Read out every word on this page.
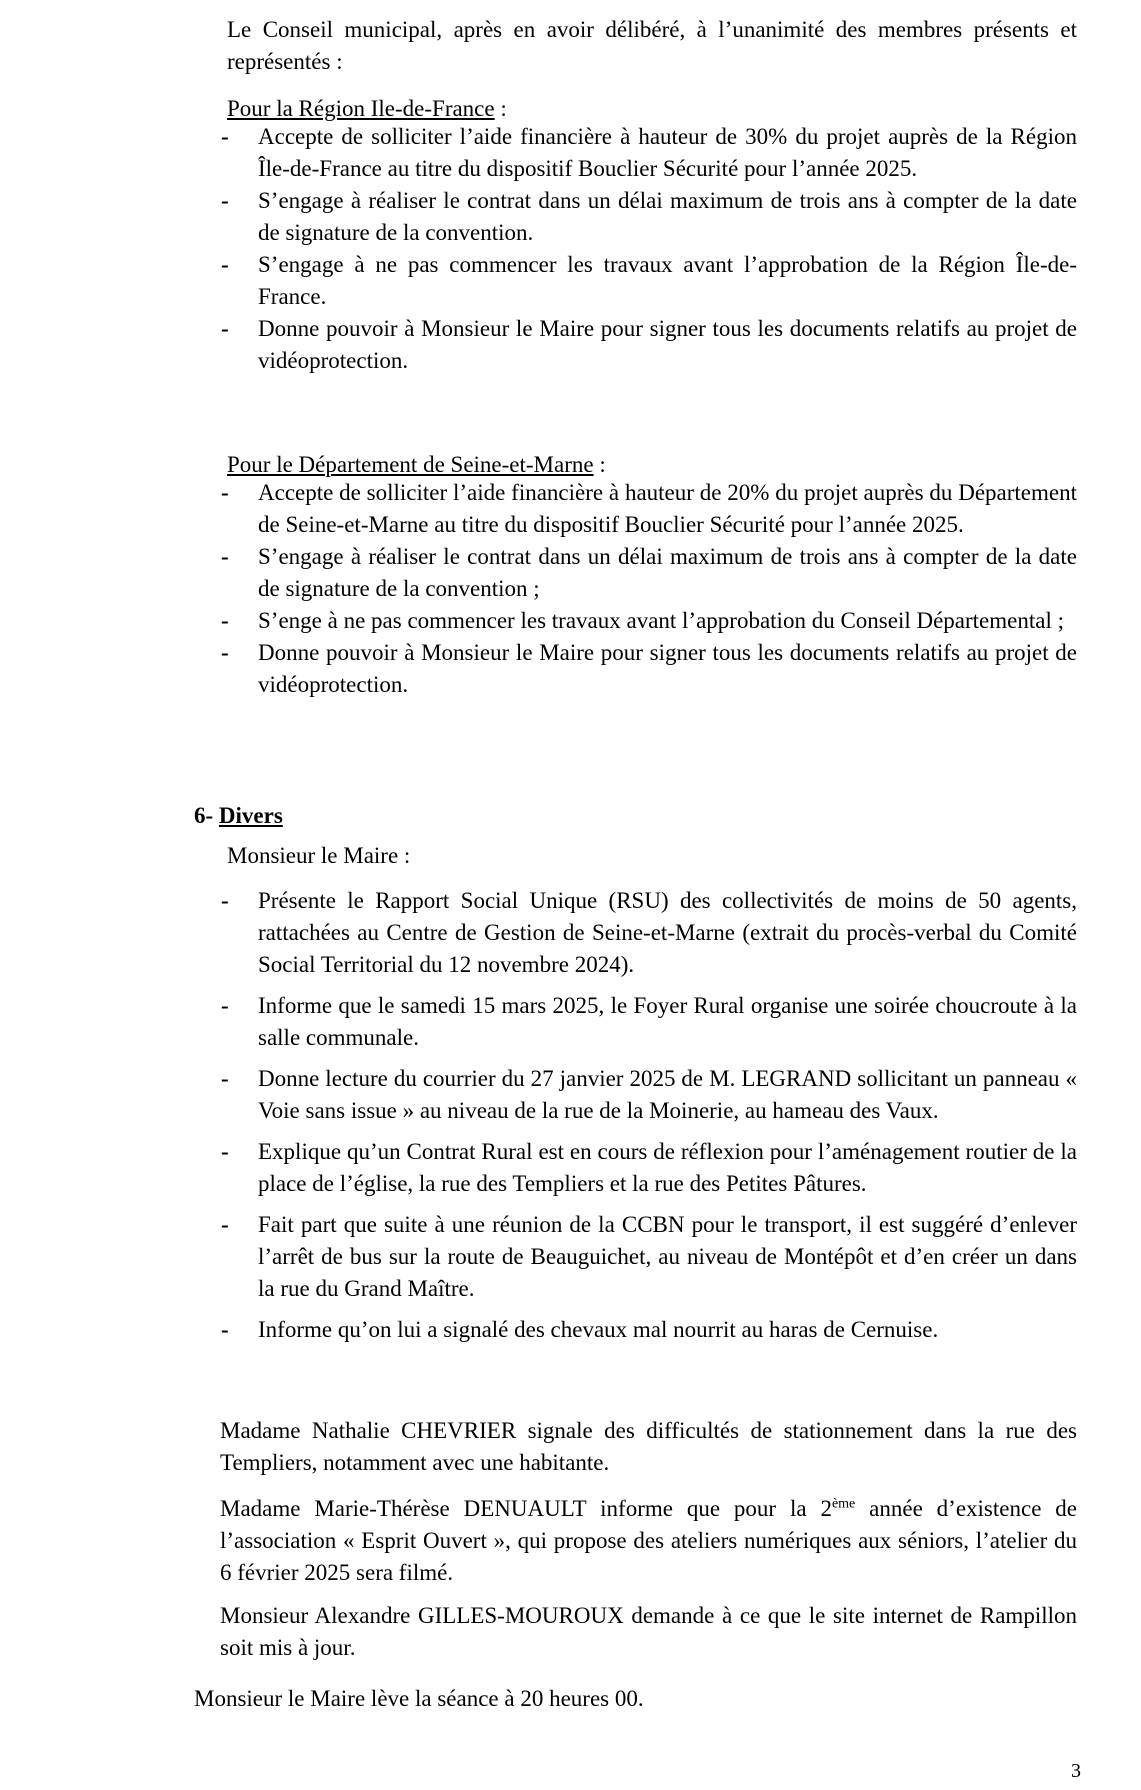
Le Conseil municipal, après en avoir délibéré, à l’unanimité des membres présents et représentés :

Pour la Région Ile-de-France :
- Accepte de solliciter l’aide financière à hauteur de 30% du projet auprès de la Région Île-de-France au titre du dispositif Bouclier Sécurité pour l’année 2025.
- S’engage à réaliser le contrat dans un délai maximum de trois ans à compter de la date de signature de la convention.
- S’engage à ne pas commencer les travaux avant l’approbation de la Région Île-de-France.
- Donne pouvoir à Monsieur le Maire pour signer tous les documents relatifs au projet de vidéoprotection.
Pour le Département de Seine-et-Marne :
- Accepte de solliciter l’aide financière à hauteur de 20% du projet auprès du Département de Seine-et-Marne au titre du dispositif Bouclier Sécurité pour l’année 2025.
- S’engage à réaliser le contrat dans un délai maximum de trois ans à compter de la date de signature de la convention ;
- S’enge à ne pas commencer les travaux avant l’approbation du Conseil Départemental ;
- Donne pouvoir à Monsieur le Maire pour signer tous les documents relatifs au projet de vidéoprotection.
6- Divers
Monsieur le Maire :
- Présente le Rapport Social Unique (RSU) des collectivités de moins de 50 agents, rattachées au Centre de Gestion de Seine-et-Marne (extrait du procès-verbal du Comité Social Territorial du 12 novembre 2024).
- Informe que le samedi 15 mars 2025, le Foyer Rural organise une soirée choucroute à la salle communale.
- Donne lecture du courrier du 27 janvier 2025 de M. LEGRAND sollicitant un panneau « Voie sans issue » au niveau de la rue de la Moinerie, au hameau des Vaux.
- Explique qu’un Contrat Rural est en cours de réflexion pour l’aménagement routier de la place de l’église, la rue des Templiers et la rue des Petites Pâtures.
- Fait part que suite à une réunion de la CCBN pour le transport, il est suggéré d’enlever l’arrêt de bus sur la route de Beauguichet, au niveau de Montépôt et d’en créer un dans la rue du Grand Maître.
- Informe qu’on lui a signalé des chevaux mal nourrit au haras de Cernuise.

Madame Nathalie CHEVRIER signale des difficultés de stationnement dans la rue des Templiers, notamment avec une habitante.

Madame Marie-Thérèse DENUAULT informe que pour la 2ème année d’existence de l’association « Esprit Ouvert », qui propose des ateliers numériques aux séniors, l’atelier du 6 février 2025 sera filmé.

Monsieur Alexandre GILLES-MOUROUX demande à ce que le site internet de Rampillon soit mis à jour.

Monsieur le Maire lève la séance à 20 heures 00.

3
